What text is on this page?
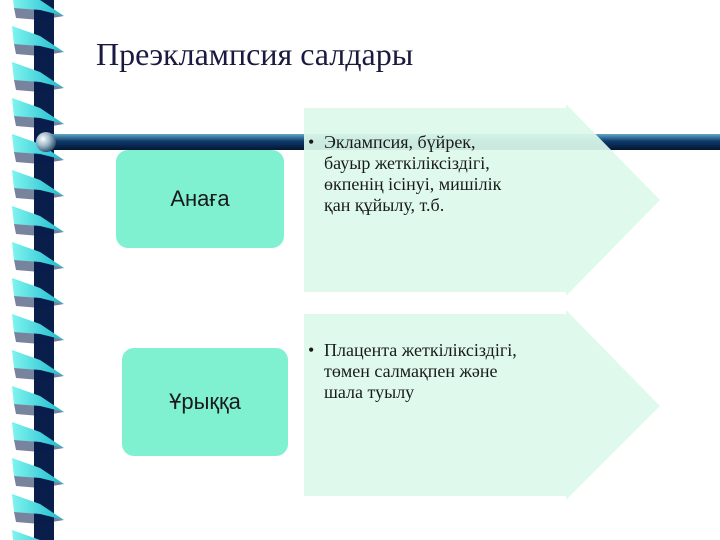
Преэклампсия салдары
Анаға
Ұрыққа
• Эклампсия, бүйрек,
бауыр жеткіліксіздігі,
өкпенің ісінуі, мишілік
қан құйылу, т.б.
• Плацента жеткіліксіздігі,
төмен салмақпен және
шала туылу
